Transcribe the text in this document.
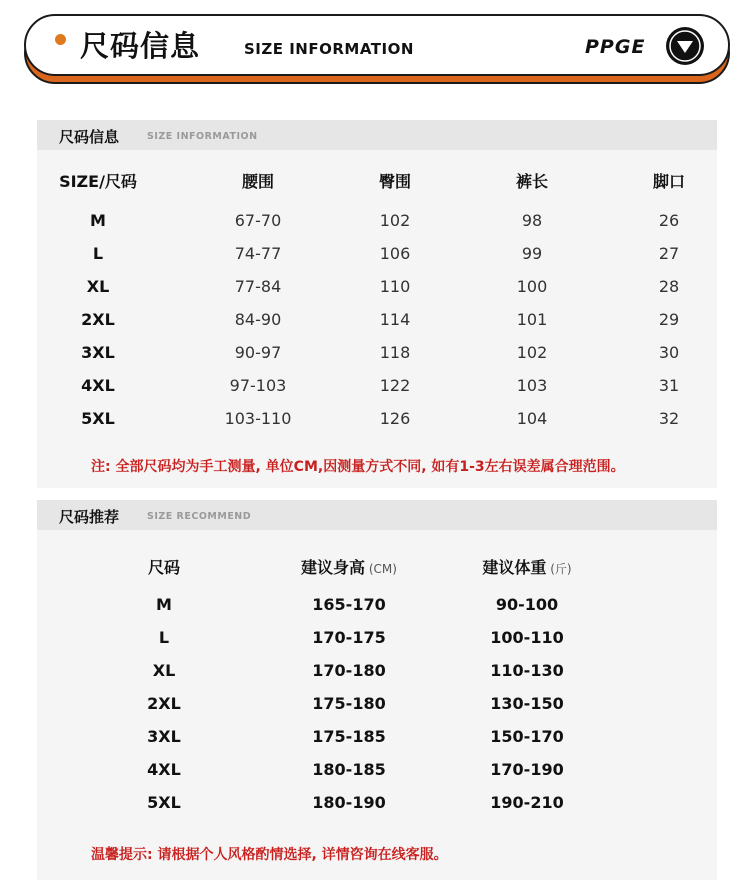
尺码信息	SIZE INFORMATION	PPGE
尺码信息	SIZE INFORMATION
SIZE/尺码	腰围	臀围	裤长	脚口
M	67-70	102	98	26
L	74-77	106	99	27
XL	77-84	110	100	28
2XL	84-90	114	101	29
3XL	90-97	118	102	30
4XL	97-103	122	103	31
5XL	103-110	126	104	32
注: 全部尺码均为手工测量, 单位CM,因测量方式不同, 如有1-3左右误差属合理范围。
尺码推荐	SIZE RECOMMEND
尺码	建议身高 (CM)	建议体重 (斤)
M	165-170	90-100
L	170-175	100-110
XL	170-180	110-130
2XL	175-180	130-150
3XL	175-185	150-170
4XL	180-185	170-190
5XL	180-190	190-210
温馨提示: 请根据个人风格酌情选择, 详情咨询在线客服。
